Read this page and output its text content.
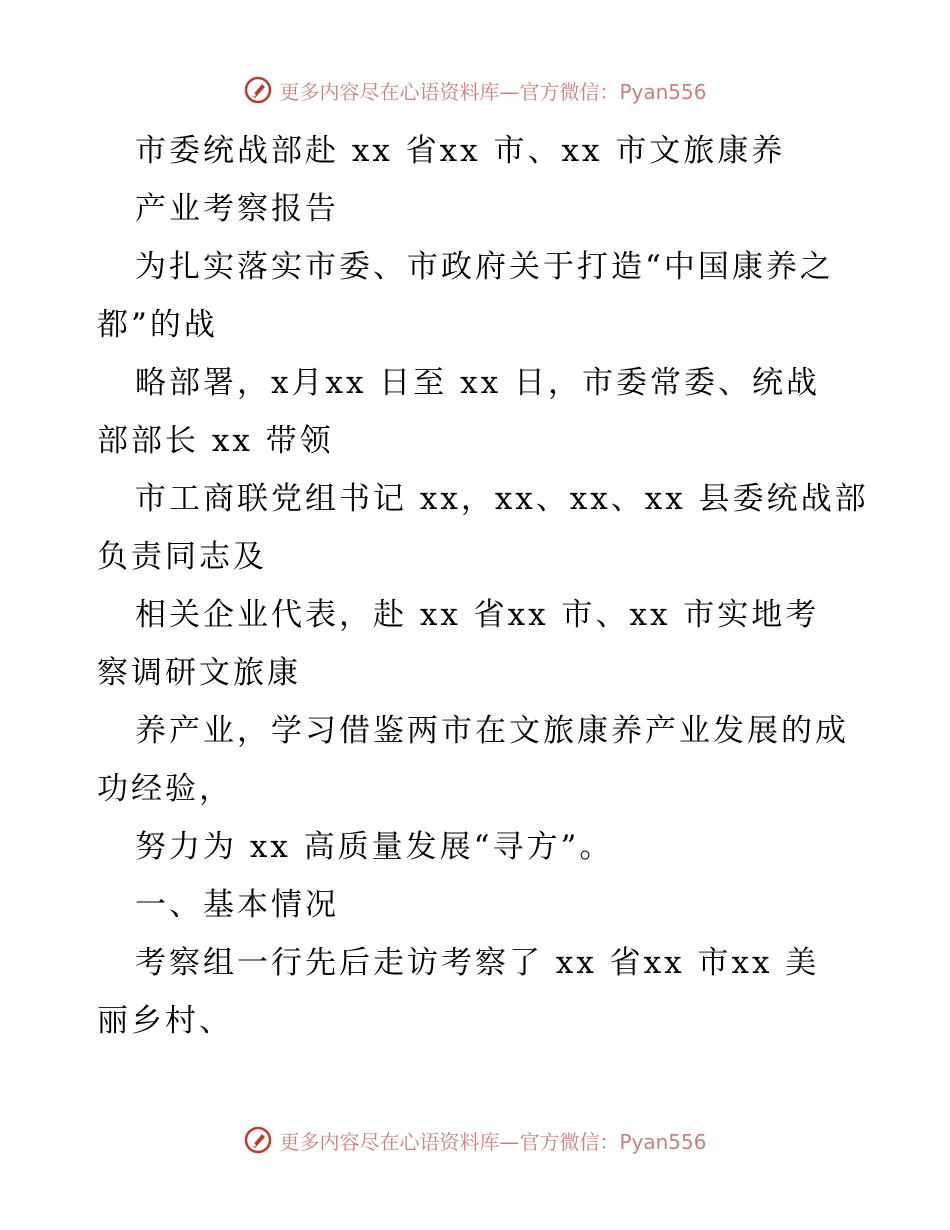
更多内容尽在心语资料库—官方微信：Pyan556
市委统战部赴 xx 省xx 市、xx 市文旅康养
产业考察报告
为扎实落实市委、市政府关于打造“中国康养之
都”的战
略部署，x月xx 日至 xx 日，市委常委、统战
部部长 xx 带领
市工商联党组书记 xx，xx、xx、xx 县委统战部
负责同志及
相关企业代表，赴 xx 省xx 市、xx 市实地考
察调研文旅康
养产业，学习借鉴两市在文旅康养产业发展的成
功经验，
努力为 xx 高质量发展“寻方”。
一、基本情况
考察组一行先后走访考察了 xx 省xx 市xx 美
丽乡村、
更多内容尽在心语资料库—官方微信：Pyan556
